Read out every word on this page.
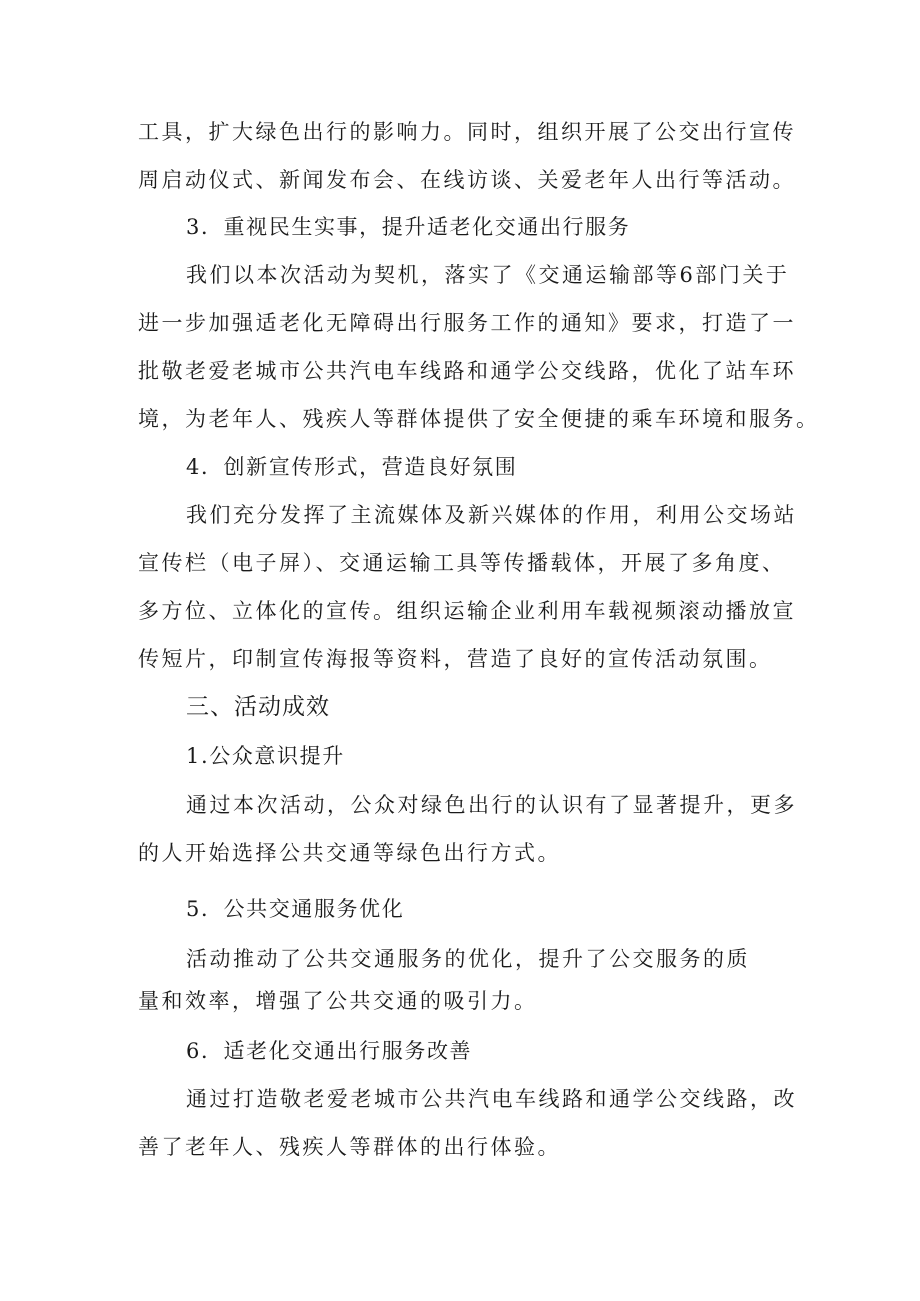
工具，扩大绿色出行的影响力。同时，组织开展了公交出行宣传
周启动仪式、新闻发布会、在线访谈、关爱老年人出行等活动。
3．重视民生实事，提升适老化交通出行服务
我们以本次活动为契机，落实了《交通运输部等6部门关于
进一步加强适老化无障碍出行服务工作的通知》要求，打造了一
批敬老爱老城市公共汽电车线路和通学公交线路，优化了站车环
境，为老年人、残疾人等群体提供了安全便捷的乘车环境和服务。
4．创新宣传形式，营造良好氛围
我们充分发挥了主流媒体及新兴媒体的作用，利用公交场站
宣传栏（电子屏）、交通运输工具等传播载体，开展了多角度、
多方位、立体化的宣传。组织运输企业利用车载视频滚动播放宣
传短片，印制宣传海报等资料，营造了良好的宣传活动氛围。
三、活动成效
1.公众意识提升
通过本次活动，公众对绿色出行的认识有了显著提升，更多
的人开始选择公共交通等绿色出行方式。
5．公共交通服务优化
活动推动了公共交通服务的优化，提升了公交服务的质
量和效率，增强了公共交通的吸引力。
6．适老化交通出行服务改善
通过打造敬老爱老城市公共汽电车线路和通学公交线路，改
善了老年人、残疾人等群体的出行体验。
